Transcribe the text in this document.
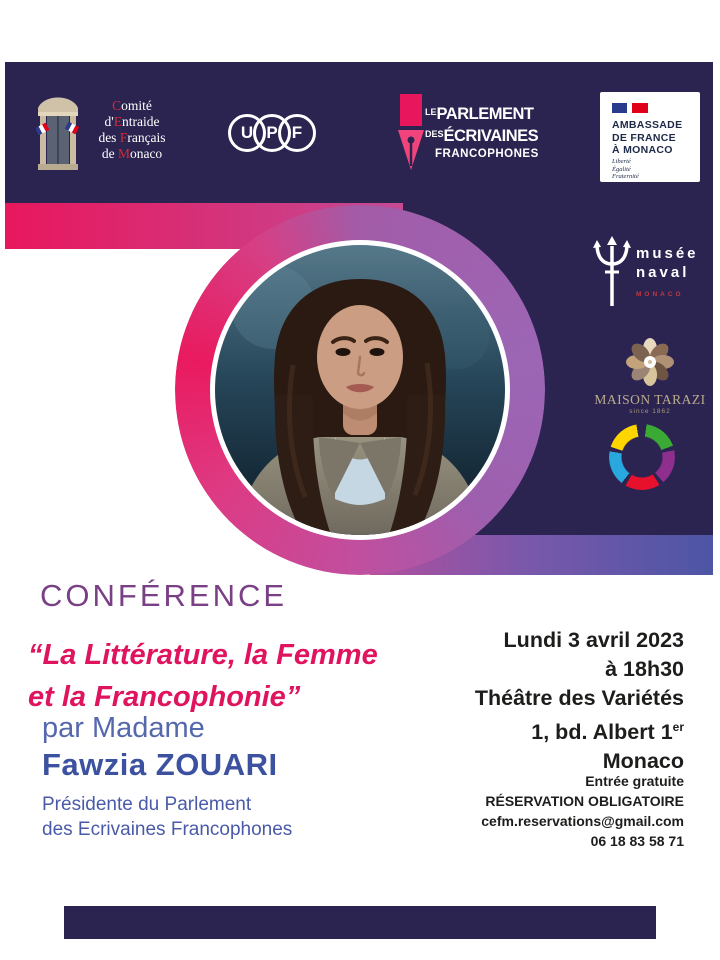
Comité
d'Entraide
des Français
de Monaco
U P F
$^{LE}$PARLEMENT
$^{DES}$ÉCRIVAINES
FRANCOPHONES
AMBASSADE
DE FRANCE
À MONACO
Liberté
Égalité
Fraternité
musée
naval
MONACO
MAISON TARAZI
since 1862
CONFÉRENCE
“La Littérature, la Femme
et la Francophonie”
par Madame
Fawzia ZOUARI
Présidente du Parlement
des Ecrivaines Francophones
Lundi 3 avril 2023
à 18h30
Théâtre des Variétés
1, bd. Albert 1er
Monaco
Entrée gratuite
RÉSERVATION OBLIGATOIRE
cefm.reservations@gmail.com
06 18 83 58 71
